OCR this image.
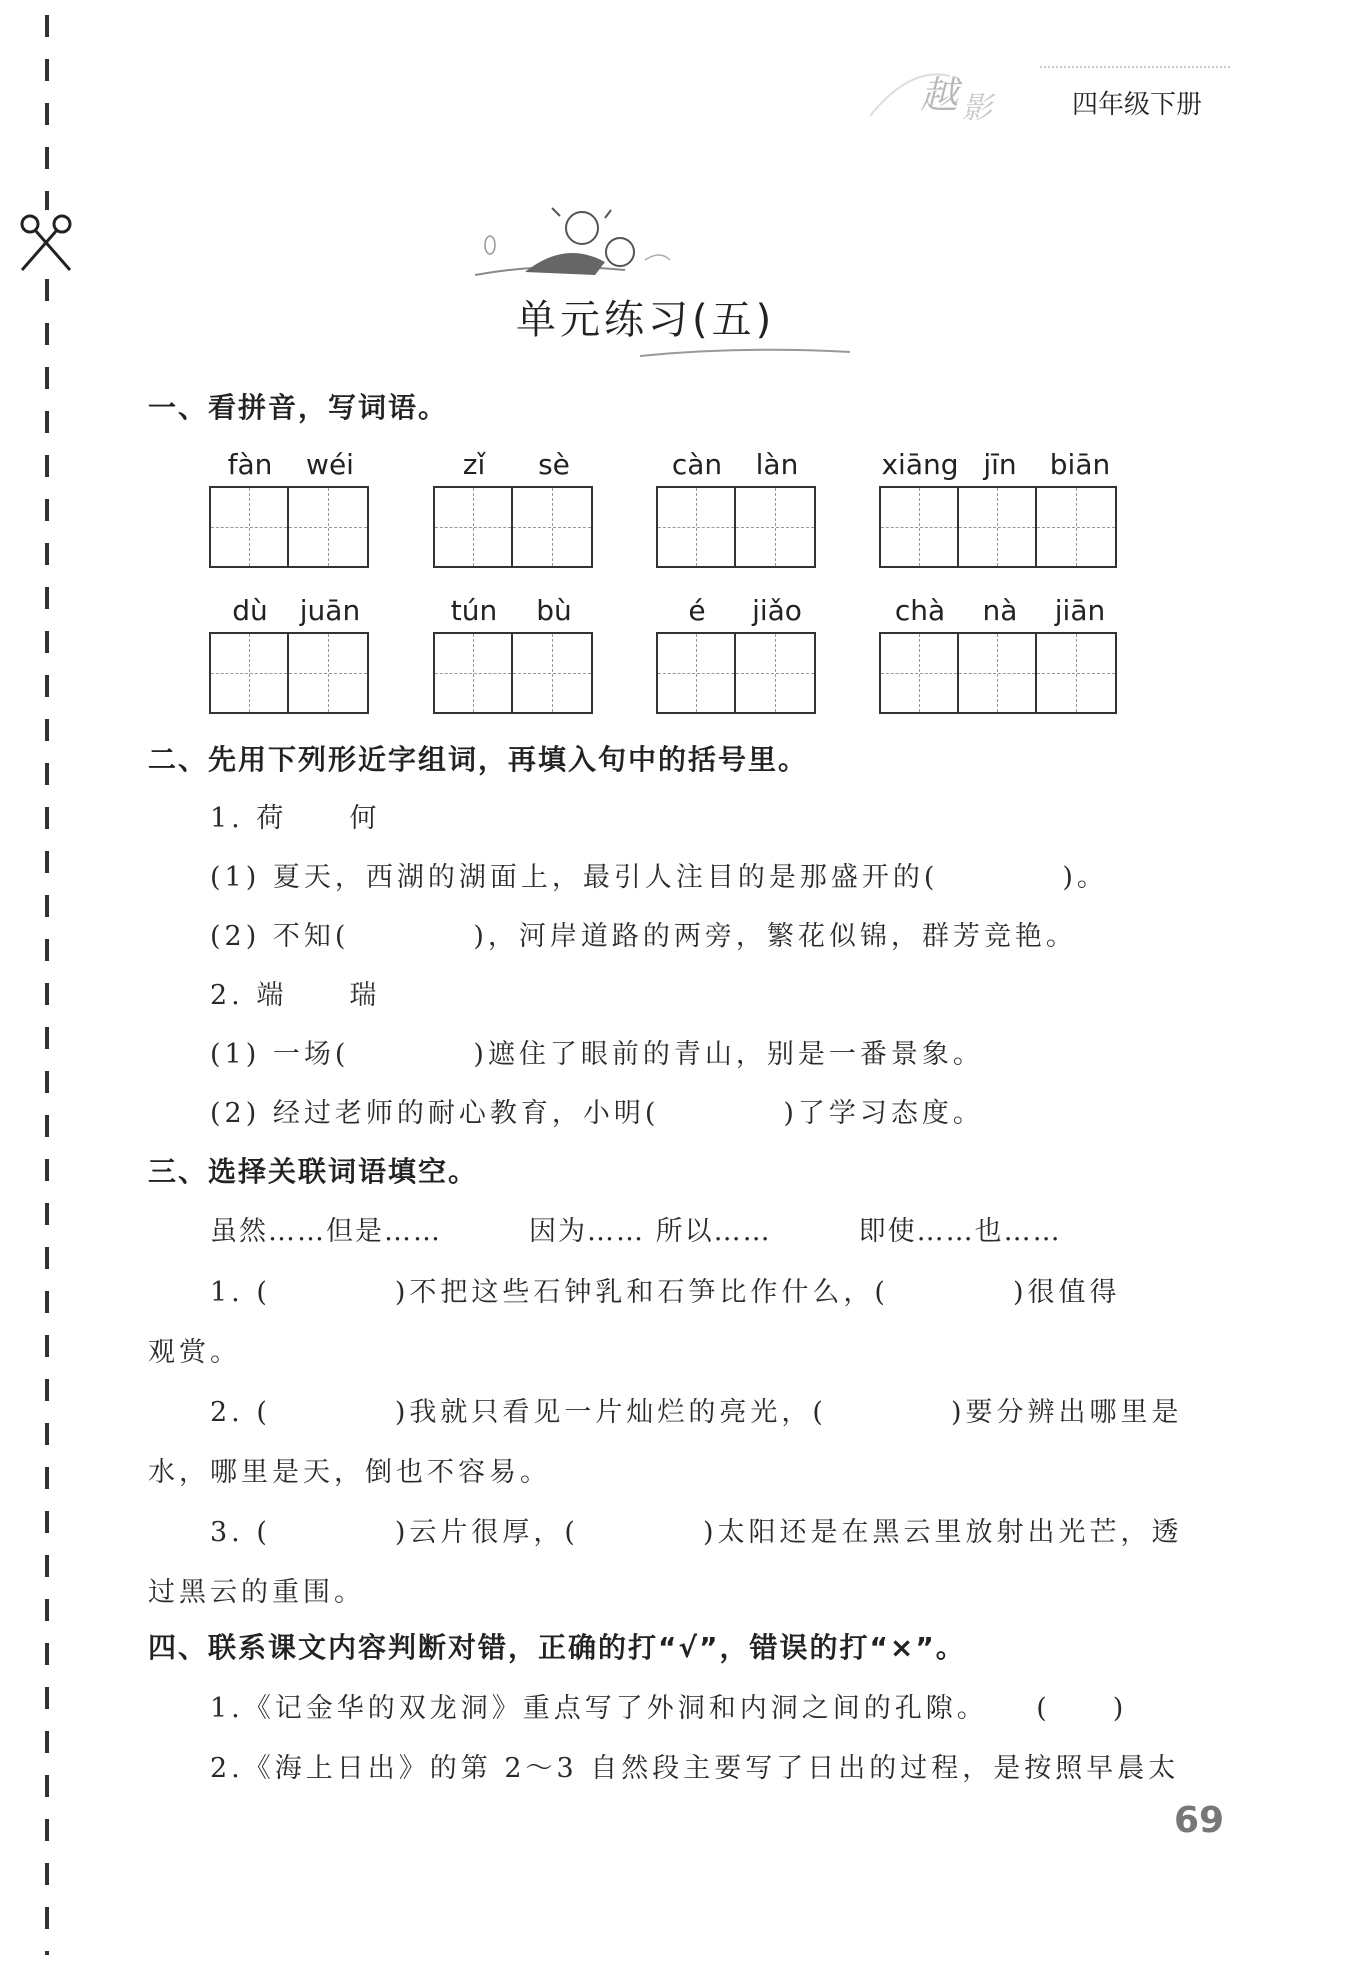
越 影	四年级下册
单元练习(五)
一、看拼音，写词语。
fàn wéi	zǐ sè	càn làn	xiāng jīn biān
dù juān	tún bù	é jiǎo	chà nà jiān
二、先用下列形近字组词，再填入句中的括号里。
1. 荷　　何
(1) 夏天，西湖的湖面上，最引人注目的是那盛开的(　　　　)。
(2) 不知(　　　　)，河岸道路的两旁，繁花似锦，群芳竞艳。
2. 端　　瑞
(1) 一场(　　　　)遮住了眼前的青山，别是一番景象。
(2) 经过老师的耐心教育，小明(　　　　)了学习态度。
三、选择关联词语填空。
虽然……但是……　　　因为…… 所以……　　　即使……也……
1. (　　　　)不把这些石钟乳和石笋比作什么，(　　　　)很值得
观赏。
2. (　　　　)我就只看见一片灿烂的亮光，(　　　　)要分辨出哪里是
水，哪里是天，倒也不容易。
3. (　　　　)云片很厚，(　　　　)太阳还是在黑云里放射出光芒，透
过黑云的重围。
四、联系课文内容判断对错，正确的打“√”，错误的打“×”。
1.《记金华的双龙洞》重点写了外洞和内洞之间的孔隙。　　(　　)
2.《海上日出》的第 2～3 自然段主要写了日出的过程，是按照早晨太
69
